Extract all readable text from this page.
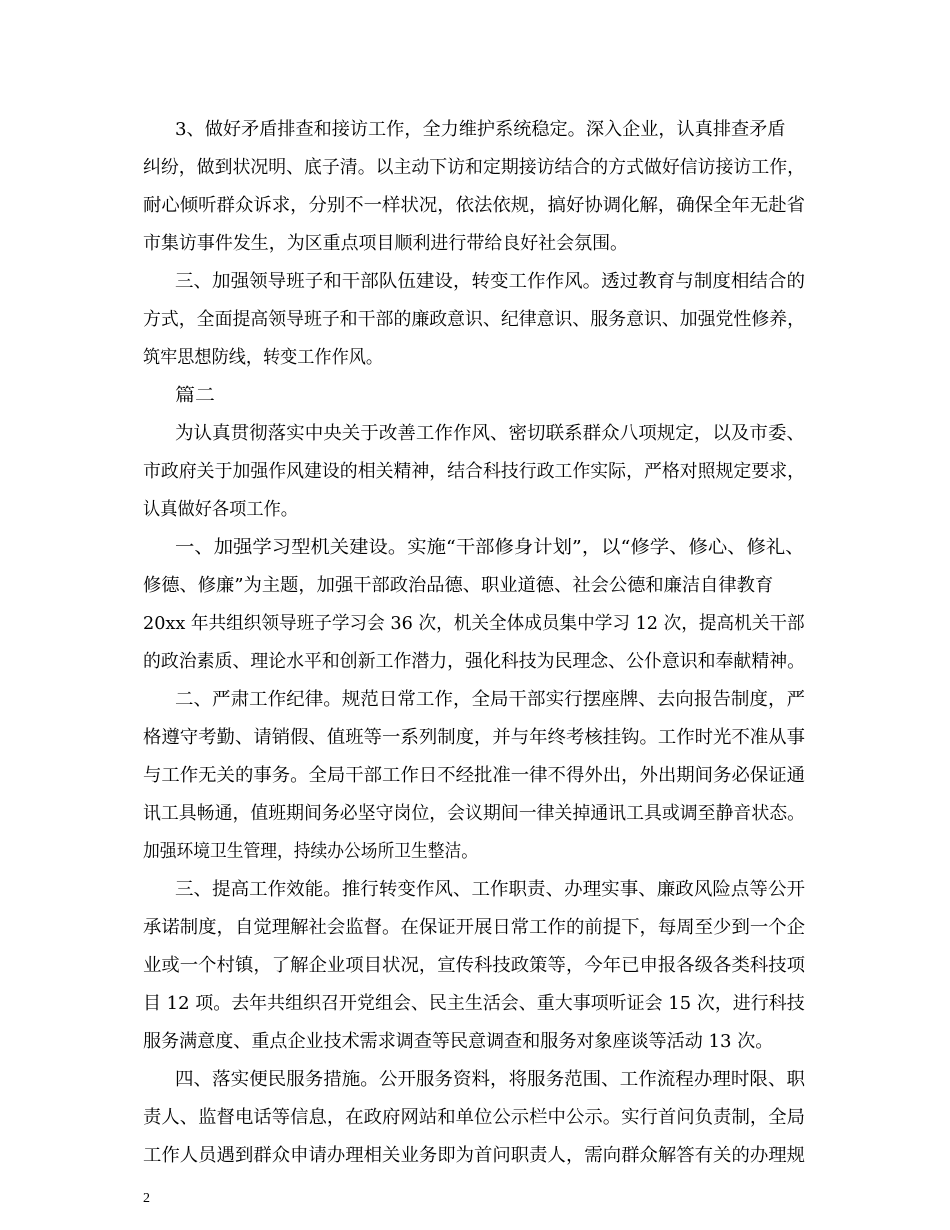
3、做好矛盾排查和接访工作，全力维护系统稳定。深入企业，认真排查矛盾
纠纷，做到状况明、底子清。以主动下访和定期接访结合的方式做好信访接访工作，
耐心倾听群众诉求，分别不一样状况，依法依规，搞好协调化解，确保全年无赴省
市集访事件发生，为区重点项目顺利进行带给良好社会氛围。
三、加强领导班子和干部队伍建设，转变工作作风。透过教育与制度相结合的
方式，全面提高领导班子和干部的廉政意识、纪律意识、服务意识、加强党性修养，
筑牢思想防线，转变工作作风。
篇二
为认真贯彻落实中央关于改善工作作风、密切联系群众八项规定，以及市委、
市政府关于加强作风建设的相关精神，结合科技行政工作实际，严格对照规定要求，
认真做好各项工作。
一、加强学习型机关建设。实施“干部修身计划”，以“修学、修心、修礼、
修德、修廉”为主题，加强干部政治品德、职业道德、社会公德和廉洁自律教育
20xx 年共组织领导班子学习会 36 次，机关全体成员集中学习 12 次，提高机关干部
的政治素质、理论水平和创新工作潜力，强化科技为民理念、公仆意识和奉献精神。
二、严肃工作纪律。规范日常工作，全局干部实行摆座牌、去向报告制度，严
格遵守考勤、请销假、值班等一系列制度，并与年终考核挂钩。工作时光不准从事
与工作无关的事务。全局干部工作日不经批准一律不得外出，外出期间务必保证通
讯工具畅通，值班期间务必坚守岗位，会议期间一律关掉通讯工具或调至静音状态。
加强环境卫生管理，持续办公场所卫生整洁。
三、提高工作效能。推行转变作风、工作职责、办理实事、廉政风险点等公开
承诺制度，自觉理解社会监督。在保证开展日常工作的前提下，每周至少到一个企
业或一个村镇，了解企业项目状况，宣传科技政策等，今年已申报各级各类科技项
目 12 项。去年共组织召开党组会、民主生活会、重大事项听证会 15 次，进行科技
服务满意度、重点企业技术需求调查等民意调查和服务对象座谈等活动 13 次。
四、落实便民服务措施。公开服务资料，将服务范围、工作流程办理时限、职
责人、监督电话等信息，在政府网站和单位公示栏中公示。实行首问负责制，全局
工作人员遇到群众申请办理相关业务即为首问职责人，需向群众解答有关的办理规
2
